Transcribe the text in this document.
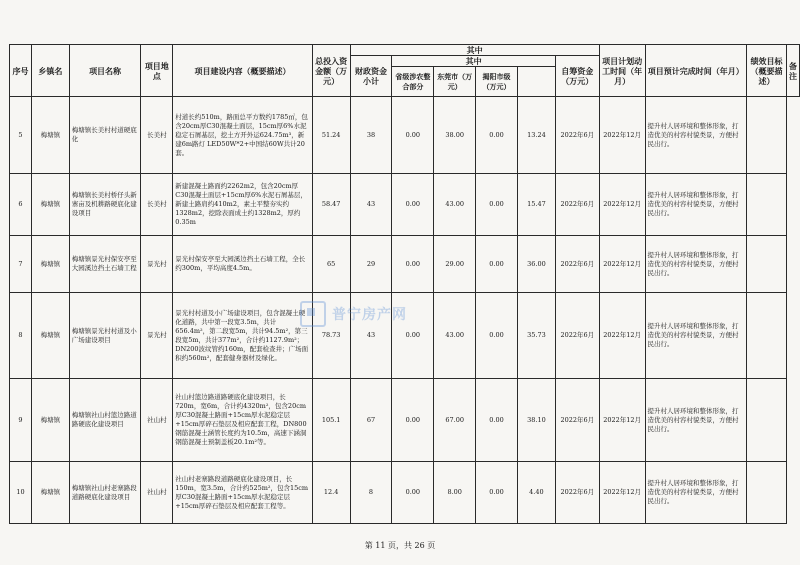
序号	乡镇名	项目名称	项目地点	项目建设内容（概要描述）	总投入资金额（万元）	其中						项目计划动工时间（年月）	项目预计完成时间（年月）	绩效目标（概要描述）	备注
						财政资金小计	其中				自筹资金（万元）				
							省级涉农整合部分	东莞市（万元）	揭阳市级（万元）						
5	梅塘镇	梅塘镇长美村村道硬底化	长美村	村道长约510m，路面总平方数约1785㎡，包含20cm厚C30混凝土面层，15cm厚6%水泥稳定石屑基层，挖土方开外运624.75m³，新建6m路灯 LED50W*2+中国结60W共计20套。	51.24	38	0.00	38.00	0.00	13.24	2022年6月	2022年12月	提升村人居环境和整体形象，打造优美的村容村貌类景，方便村民出行。		
6	梅塘镇	梅塘镇长美村桥仔头新寨亩及机耕路硬底化建设项目	长美村	新建混凝土路面约2262m2，包含20cm厚C30混凝土面层+15cm厚6%水泥石屑基层，新建土路肩约410m2，素土平整夯实约1328m2，挖除表面成土约1328m2，厚约0.35m	58.47	43	0.00	43.00	0.00	15.47	2022年6月	2022年12月	提升村人居环境和整体形象，打造优美的村容村貌类景，方便村民出行。		
7	梅塘镇	梅塘镇景光村保安亭至大园溪边挡土石墙工程	景光村	景光村保安亭至大园溪边挡土石墙工程，全长约300m，平均高度4.5m。	65	29	0.00	29.00	0.00	36.00	2022年6月	2022年12月	提升村人居环境和整体形象，打造优美的村容村貌类景，方便村民出行。		
8	梅塘镇	梅塘镇景光村村道及小广场建设项目	景光村	景光村村道及小广场建设项目，包含混凝土硬化道路，共中第一段宽3.5m，共计656.4m²，第二段宽5m，共计94.5m²，第三段宽5m，共计377m²，合计约1127.9m²；DN200波纹管约160m，配套检查井；广场面积约560m²，配套健身器材及绿化。	78.73	43	0.00	43.00	0.00	35.73	2022年6月	2022年12月	提升村人居环境和整体形象，打造优美的村容村貌类景，方便村民出行。		
9	梅塘镇	梅塘镇社山村篮边路道路硬底化建设项目	社山村	社山村篮边路道路硬底化建设项目，长720m，宽6m，合计约4320m²，包含20cm厚C30混凝土路面+15cm厚水泥稳定层+15cm厚碎石垫层及相应配套工程，DN800钢筋混凝土涵管长度约为10.5m，高速下涵洞钢筋混凝土预制盖板20.1m²等。	105.1	67	0.00	67.00	0.00	38.10	2022年6月	2022年12月	提升村人居环境和整体形象，打造优美的村容村貌类景，方便村民出行。		
10	梅塘镇	梅塘镇社山村老寨路段道路硬底化建设项目	社山村	社山村老寨路段道路硬底化建设项目，长150m，宽3.5m，合计约525m²，包含15cm厚C30混凝土路面+15cm厚水泥稳定层+15cm厚碎石垫层及相应配套工程等。	12.4	8	0.00	8.00	0.00	4.40	2022年6月	2022年12月	提升村人居环境和整体形象，打造优美的村容村貌类景，方便村民出行。		
普宁房产网
第 11 页，共 26 页
